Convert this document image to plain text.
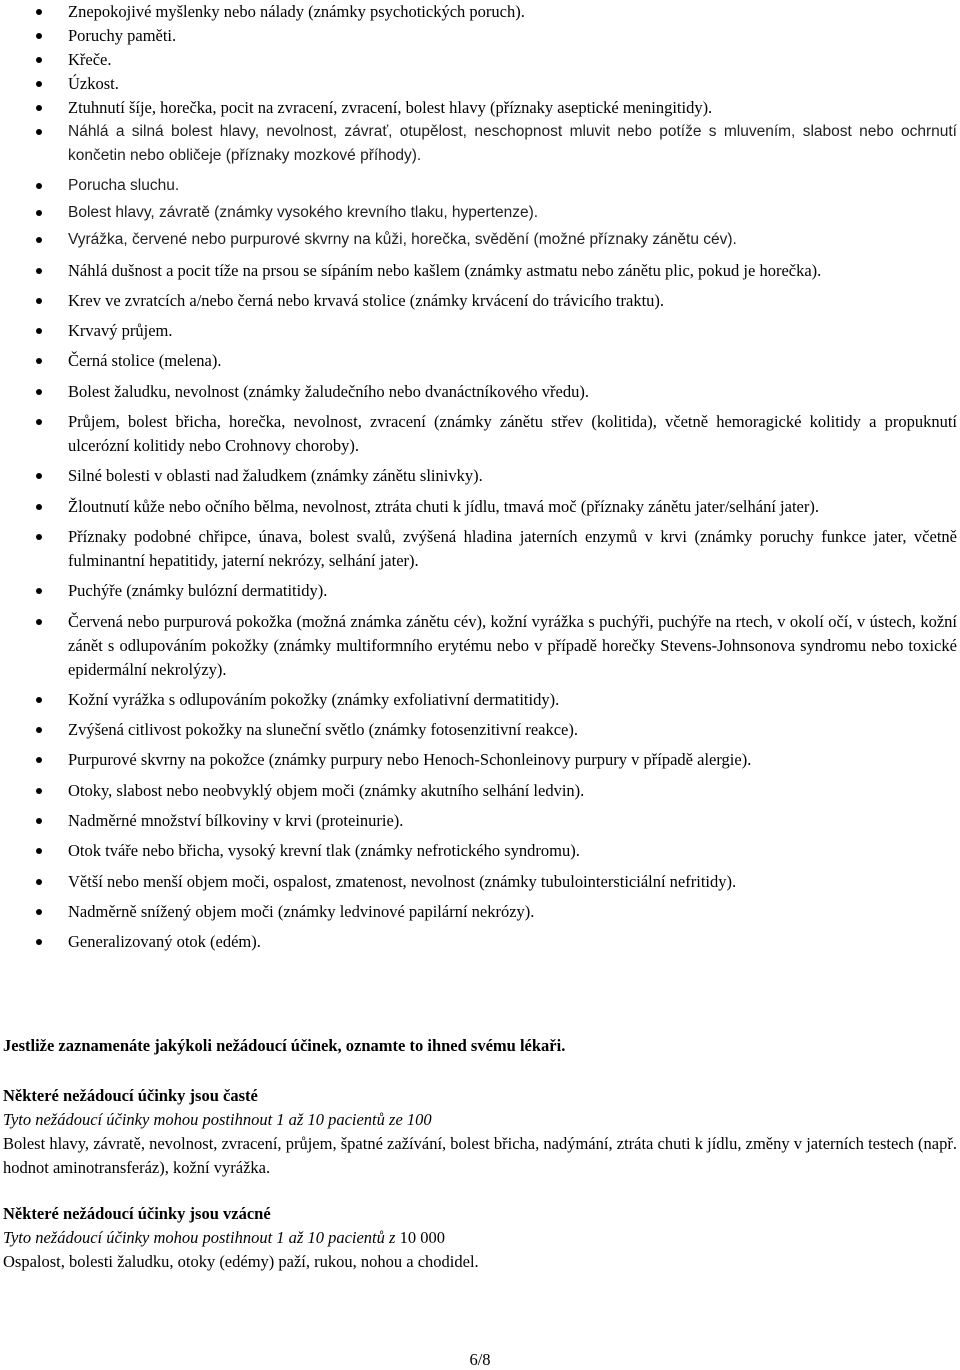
Znepokojivé myšlenky nebo nálady (známky psychotických poruch).
Poruchy paměti.
Křeče.
Úzkost.
Ztuhnutí šíje, horečka, pocit na zvracení, zvracení, bolest hlavy (příznaky aseptické meningitidy).
Náhlá a silná bolest hlavy, nevolnost, závrať, otupělost, neschopnost mluvit nebo potíže s mluvením, slabost nebo ochrnutí končetin nebo obličeje (příznaky mozkové příhody).
Porucha sluchu.
Bolest hlavy, závratě (známky vysokého krevního tlaku, hypertenze).
Vyrážka, červené nebo purpurové skvrny na kůži, horečka, svědění (možné příznaky zánětu cév).
Náhlá dušnost a pocit tíže na prsou se sípáním nebo kašlem (známky astmatu nebo zánětu plic, pokud je horečka).
Krev ve zvratcích a/nebo černá nebo krvavá stolice (známky krvácení do trávicího traktu).
Krvavý průjem.
Černá stolice (melena).
Bolest žaludku, nevolnost (známky žaludečního nebo dvanáctníkového vředu).
Průjem, bolest břicha, horečka, nevolnost, zvracení (známky zánětu střev (kolitida), včetně hemoragické kolitidy a propuknutí ulcerózní kolitidy nebo Crohnovy choroby).
Silné bolesti v oblasti nad žaludkem (známky zánětu slinivky).
Žloutnutí kůže nebo očního bělma, nevolnost, ztráta chuti k jídlu, tmavá moč (příznaky zánětu jater/selhání jater).
Příznaky podobné chřipce, únava, bolest svalů, zvýšená hladina jaterních enzymů v krvi (známky poruchy funkce jater, včetně fulminantní hepatitidy, jaterní nekrózy, selhání jater).
Puchýře (známky bulózní dermatitidy).
Červená nebo purpurová pokožka (možná známka zánětu cév), kožní vyrážka s puchýři, puchýře na rtech, v okolí očí, v ústech, kožní zánět s odlupováním pokožky (známky multiformního erytému nebo v případě horečky Stevens-Johnsonova syndromu nebo toxické epidermální nekrolýzy).
Kožní vyrážka s odlupováním pokožky (známky exfoliativní dermatitidy).
Zvýšená citlivost pokožky na sluneční světlo (známky fotosenzitivní reakce).
Purpurové skvrny na pokožce (známky purpury nebo Henoch-Schonleinovy purpury v případě alergie).
Otoky, slabost nebo neobvyklý objem moči (známky akutního selhání ledvin).
Nadměrné množství bílkoviny v krvi (proteinurie).
Otok tváře nebo břicha, vysoký krevní tlak (známky nefrotického syndromu).
Větší nebo menší objem moči, ospalost, zmatenost, nevolnost (známky tubulointersticiální nefritidy).
Nadměrně snížený objem moči (známky ledvinové papilární nekrózy).
Generalizovaný otok (edém).
Jestliže zaznamenáte jakýkoli nežádoucí účinek, oznamte to ihned svému lékaři.
Některé nežádoucí účinky jsou časté
Tyto nežádoucí účinky mohou postihnout 1 až 10 pacientů ze 100
Bolest hlavy, závratě, nevolnost, zvracení, průjem, špatné zažívání, bolest břicha, nadýmání, ztráta chuti k jídlu, změny v jaterních testech (např. hodnot aminotransferáz), kožní vyrážka.
Některé nežádoucí účinky jsou vzácné
Tyto nežádoucí účinky mohou postihnout 1 až 10 pacientů z 10 000
Ospalost, bolesti žaludku, otoky (edémy) paží, rukou, nohou a chodidel.
6/8
